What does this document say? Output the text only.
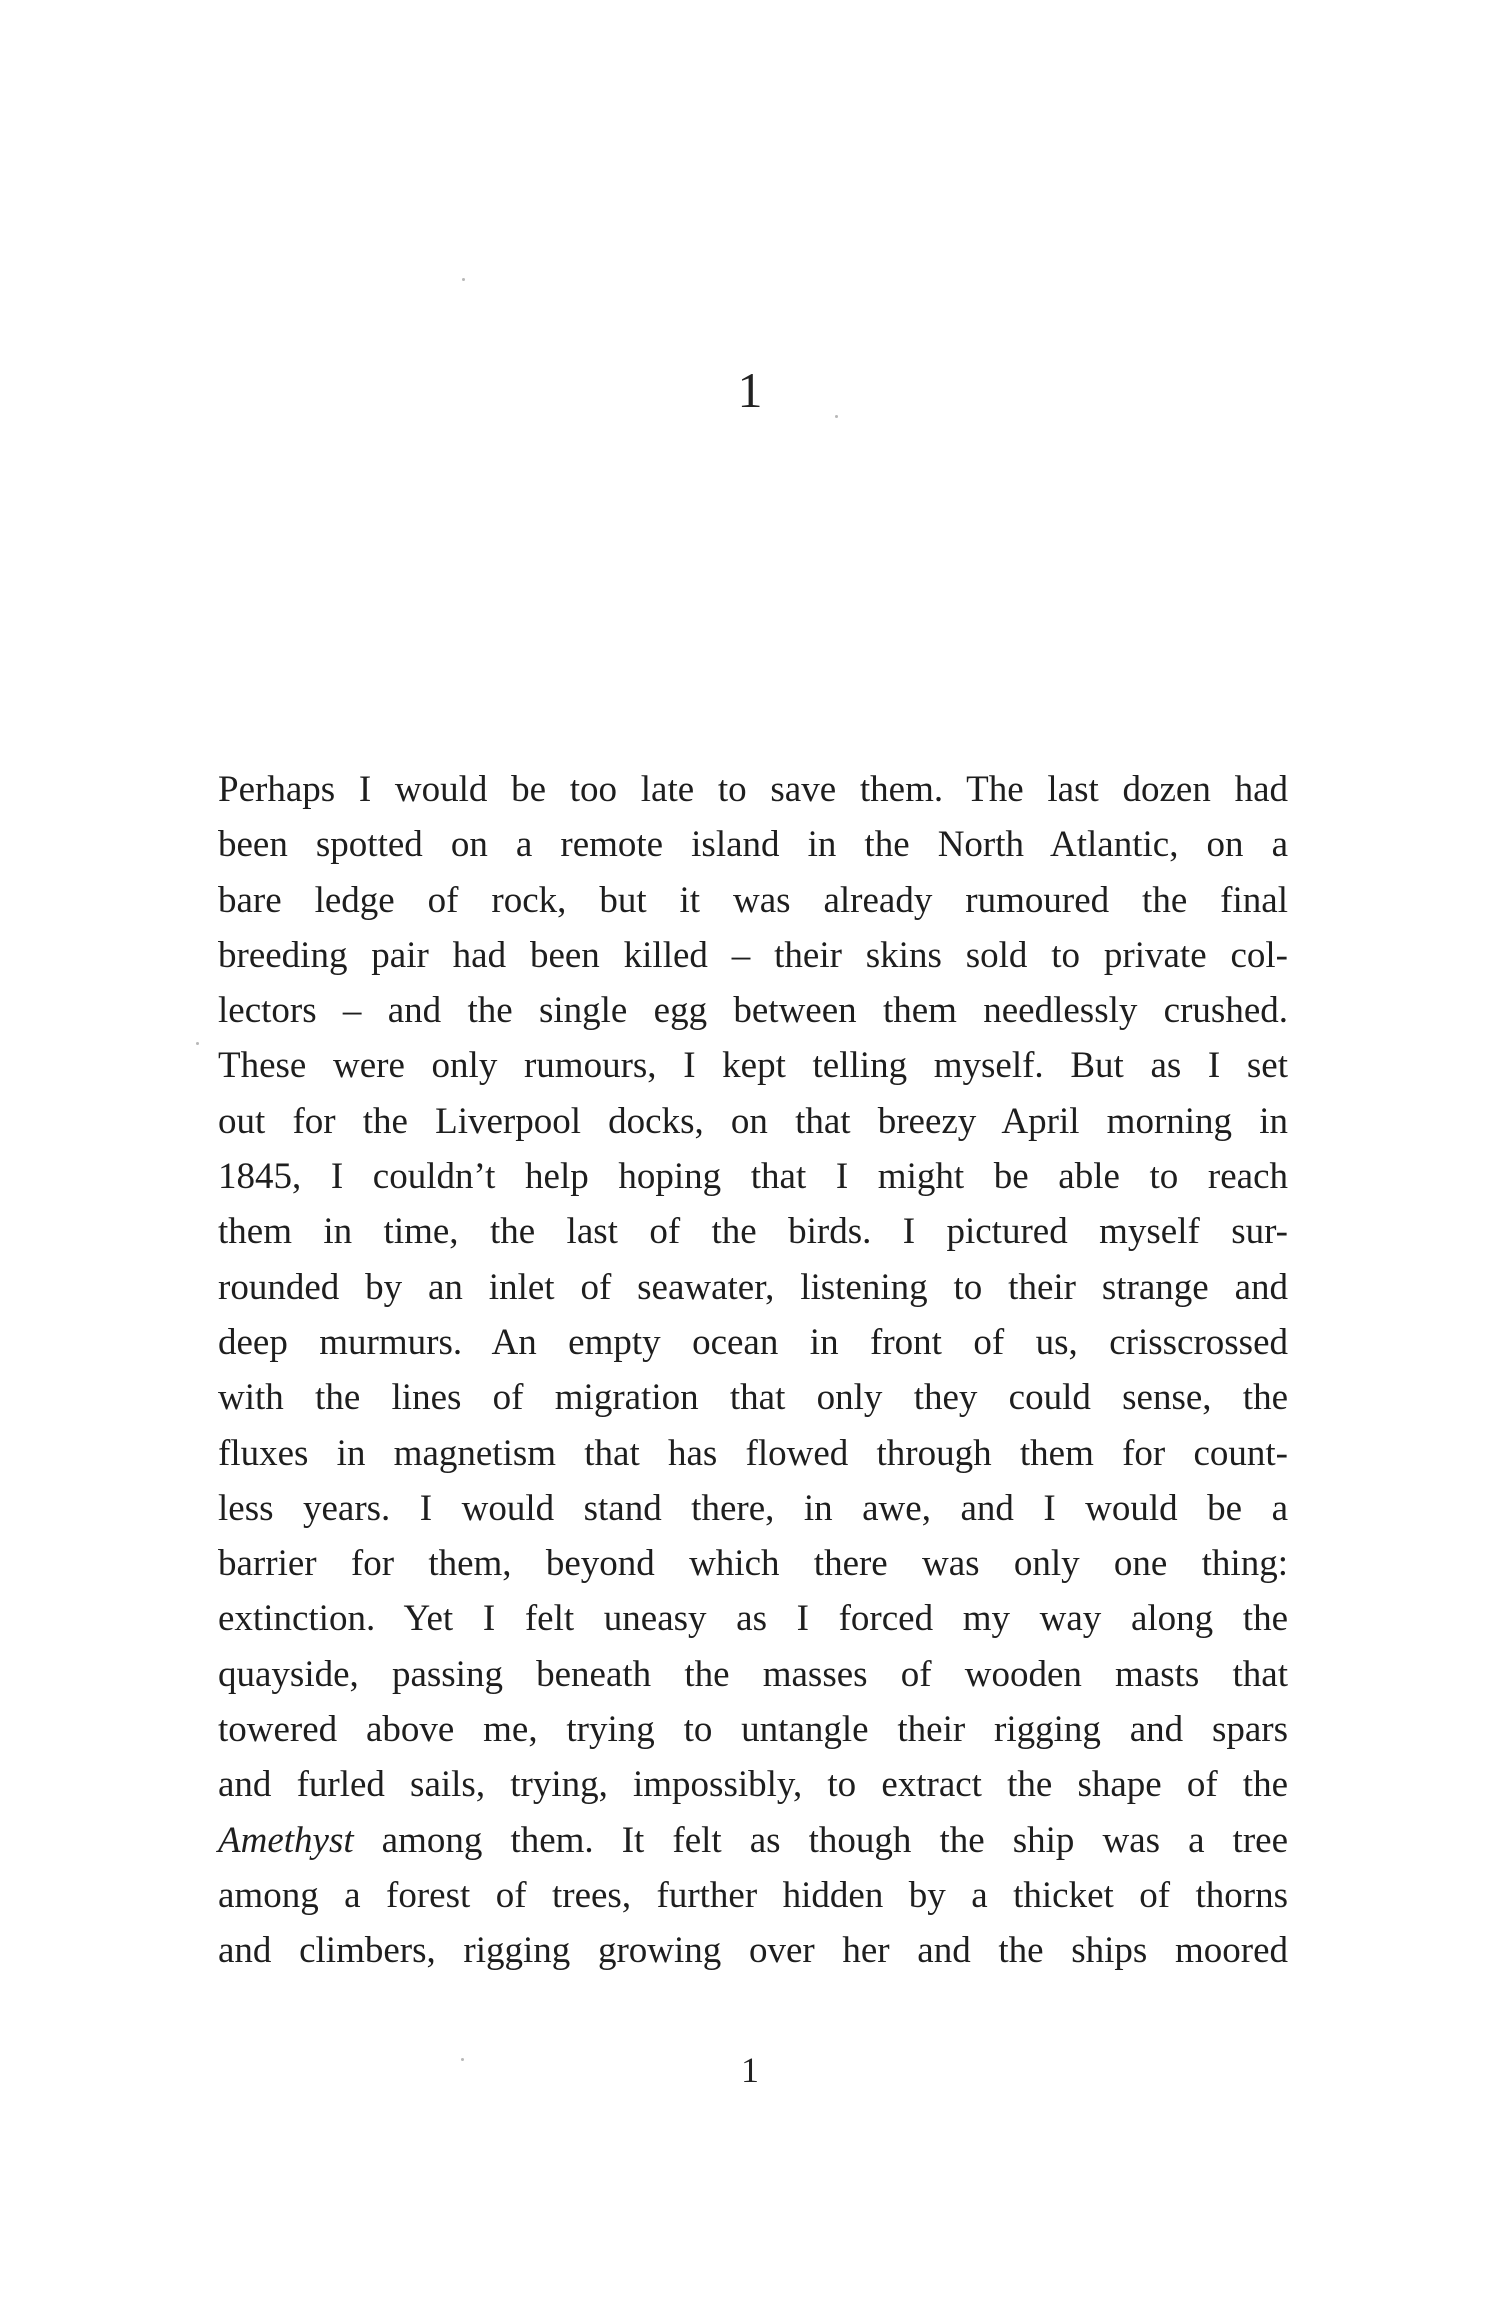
1
Perhaps I would be too late to save them. The last dozen had
been spotted on a remote island in the North Atlantic, on a
bare ledge of rock, but it was already rumoured the final
breeding pair had been killed – their skins sold to private col-
lectors – and the single egg between them needlessly crushed.
These were only rumours, I kept telling myself. But as I set
out for the Liverpool docks, on that breezy April morning in
1845, I couldn’t help hoping that I might be able to reach
them in time, the last of the birds. I pictured myself sur-
rounded by an inlet of seawater, listening to their strange and
deep murmurs. An empty ocean in front of us, crisscrossed
with the lines of migration that only they could sense, the
fluxes in magnetism that has flowed through them for count-
less years. I would stand there, in awe, and I would be a
barrier for them, beyond which there was only one thing:
extinction. Yet I felt uneasy as I forced my way along the
quayside, passing beneath the masses of wooden masts that
towered above me, trying to untangle their rigging and spars
and furled sails, trying, impossibly, to extract the shape of the
Amethyst among them. It felt as though the ship was a tree
among a forest of trees, further hidden by a thicket of thorns
and climbers, rigging growing over her and the ships moored
1
